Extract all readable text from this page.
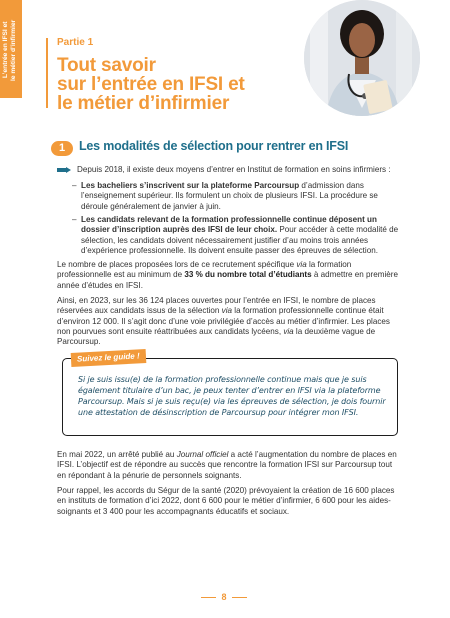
L’entrée en IFSI et
le métier d’infirmier	Partie 1
Tout savoir
sur l’entrée en IFSI et
le métier d’infirmier
1	Les modalités de sélection pour rentrer en IFSI

Depuis 2018, il existe deux moyens d’entrer en Institut de formation en soins infirmiers :

– Les bacheliers s’inscrivent sur la plateforme Parcoursup d’admission dans l’enseignement supérieur. Ils formulent un choix de plusieurs IFSI. La procédure se déroule généralement de janvier à juin.

– Les candidats relevant de la formation professionnelle continue déposent un dossier d’inscription auprès des IFSI de leur choix. Pour accéder à cette modalité de sélection, les candidats doivent nécessairement justifier d’au moins trois années d’expérience professionnelle. Ils doivent ensuite passer des épreuves de sélection.

Le nombre de places proposées lors de ce recrutement spécifique via la formation professionnelle est au minimum de 33 % du nombre total d’étudiants à admettre en première année d’études en IFSI.

Ainsi, en 2023, sur les 36 124 places ouvertes pour l’entrée en IFSI, le nombre de places réservées aux candidats issus de la sélection via la formation professionnelle continue était d’environ 12 000. Il s’agit donc d’une voie privilégiée d’accès au métier d’infirmier. Les places non pourvues sont ensuite réattribuées aux candidats lycéens, via la deuxième vague de Parcoursup.

Suivez le guide !

Si je suis issu(e) de la formation professionnelle continue mais que je suis également titulaire d’un bac, je peux tenter d’entrer en IFSI via la plateforme Parcoursup. Mais si je suis reçu(e) via les épreuves de sélection, je dois fournir une attestation de désinscription de Parcoursup pour intégrer mon IFSI.

En mai 2022, un arrêté publié au Journal officiel a acté l’augmentation du nombre de places en IFSI. L’objectif est de répondre au succès que rencontre la formation IFSI sur Parcoursup tout en répondant à la pénurie de personnels soignants.

Pour rappel, les accords du Ségur de la santé (2020) prévoyaient la création de 16 600 places en instituts de formation d’ici 2022, dont 6 600 pour le métier d’infirmier, 6 600 pour les aides-soignants et 3 400 pour les accompagnants éducatifs et sociaux.

8
